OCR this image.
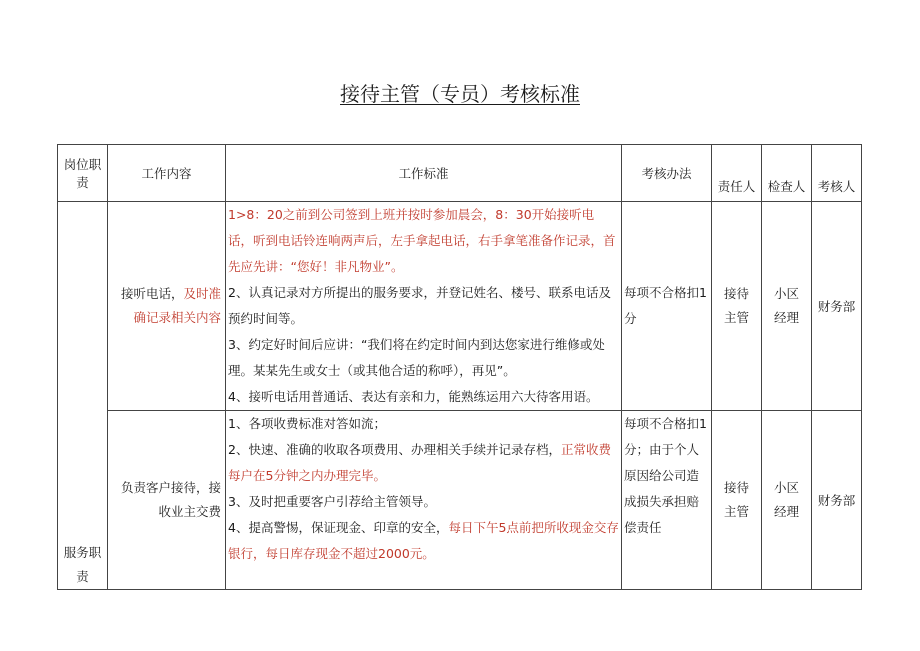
接待主管（专员）考核标准
岗位职责	工作内容	工作标准	考核办法	责任人	检查人	考核人
服务职责	接听电话，及时准确记录相关内容	1>8：20之前到公司签到上班并按时参加晨会，8：30开始接听电话，听到电话铃连响两声后，左手拿起电话，右手拿笔准备作记录，首先应先讲：“您好！非凡物业”。

2、认真记录对方所提出的服务要求，并登记姓名、楼号、联系电话及预约时间等。

3、约定好时间后应讲：“我们将在约定时间内到达您家进行维修或处理。某某先生或女士（或其他合适的称呼），再见”。

4、接听电话用普通话、表达有亲和力，能熟练运用六大待客用语。	每项不合格扣1分	接待主管	小区经理	财务部
	负责客户接待，接收业主交费	1、各项收费标准对答如流；

2、快速、准确的收取各项费用、办理相关手续并记录存档，正常收费每户在5分钟之内办理完毕。

3、及时把重要客户引荐给主管领导。

4、提高警惕，保证现金、印章的安全，每日下午5点前把所收现金交存银行，每日库存现金不超过2000元。	每项不合格扣1分；由于个人原因给公司造成损失承担赔偿责任	接待主管	小区经理	财务部
